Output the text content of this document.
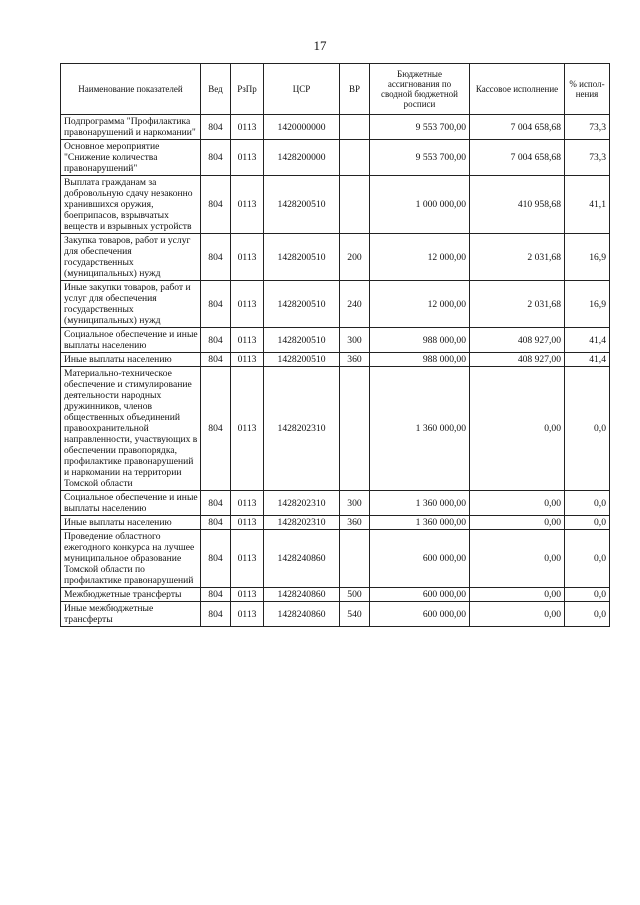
17
Наименование показателей	Вед	РзПр	ЦСР	ВР	Бюджетные ассигнования по сводной бюджетной росписи	Кассовое исполнение	% испол- нения
Подпрограмма "Профилактика правонарушений и наркомании"	804	0113	1420000000		9 553 700,00	7 004 658,68	73,3
Основное мероприятие "Снижение количества правонарушений"	804	0113	1428200000		9 553 700,00	7 004 658,68	73,3
Выплата гражданам за добровольную сдачу незаконно хранившихся оружия, боеприпасов, взрывчатых веществ и взрывных устройств	804	0113	1428200510		1 000 000,00	410 958,68	41,1
Закупка товаров, работ и услуг для обеспечения государственных (муниципальных) нужд	804	0113	1428200510	200	12 000,00	2 031,68	16,9
Иные закупки товаров, работ и услуг для обеспечения государственных (муниципальных) нужд	804	0113	1428200510	240	12 000,00	2 031,68	16,9
Социальное обеспечение и иные выплаты населению	804	0113	1428200510	300	988 000,00	408 927,00	41,4
Иные выплаты населению	804	0113	1428200510	360	988 000,00	408 927,00	41,4
Материально-техническое обеспечение и стимулирование деятельности народных дружинников, членов общественных объединений правоохранительной направленности, участвующих в обеспечении правопорядка, профилактике правонарушений и наркомании на территории Томской области	804	0113	1428202310		1 360 000,00	0,00	0,0
Социальное обеспечение и иные выплаты населению	804	0113	1428202310	300	1 360 000,00	0,00	0,0
Иные выплаты населению	804	0113	1428202310	360	1 360 000,00	0,00	0,0
Проведение областного ежегодного конкурса на лучшее муниципальное образование Томской области по профилактике правонарушений	804	0113	1428240860		600 000,00	0,00	0,0
Межбюджетные трансферты	804	0113	1428240860	500	600 000,00	0,00	0,0
Иные межбюджетные трансферты	804	0113	1428240860	540	600 000,00	0,00	0,0
